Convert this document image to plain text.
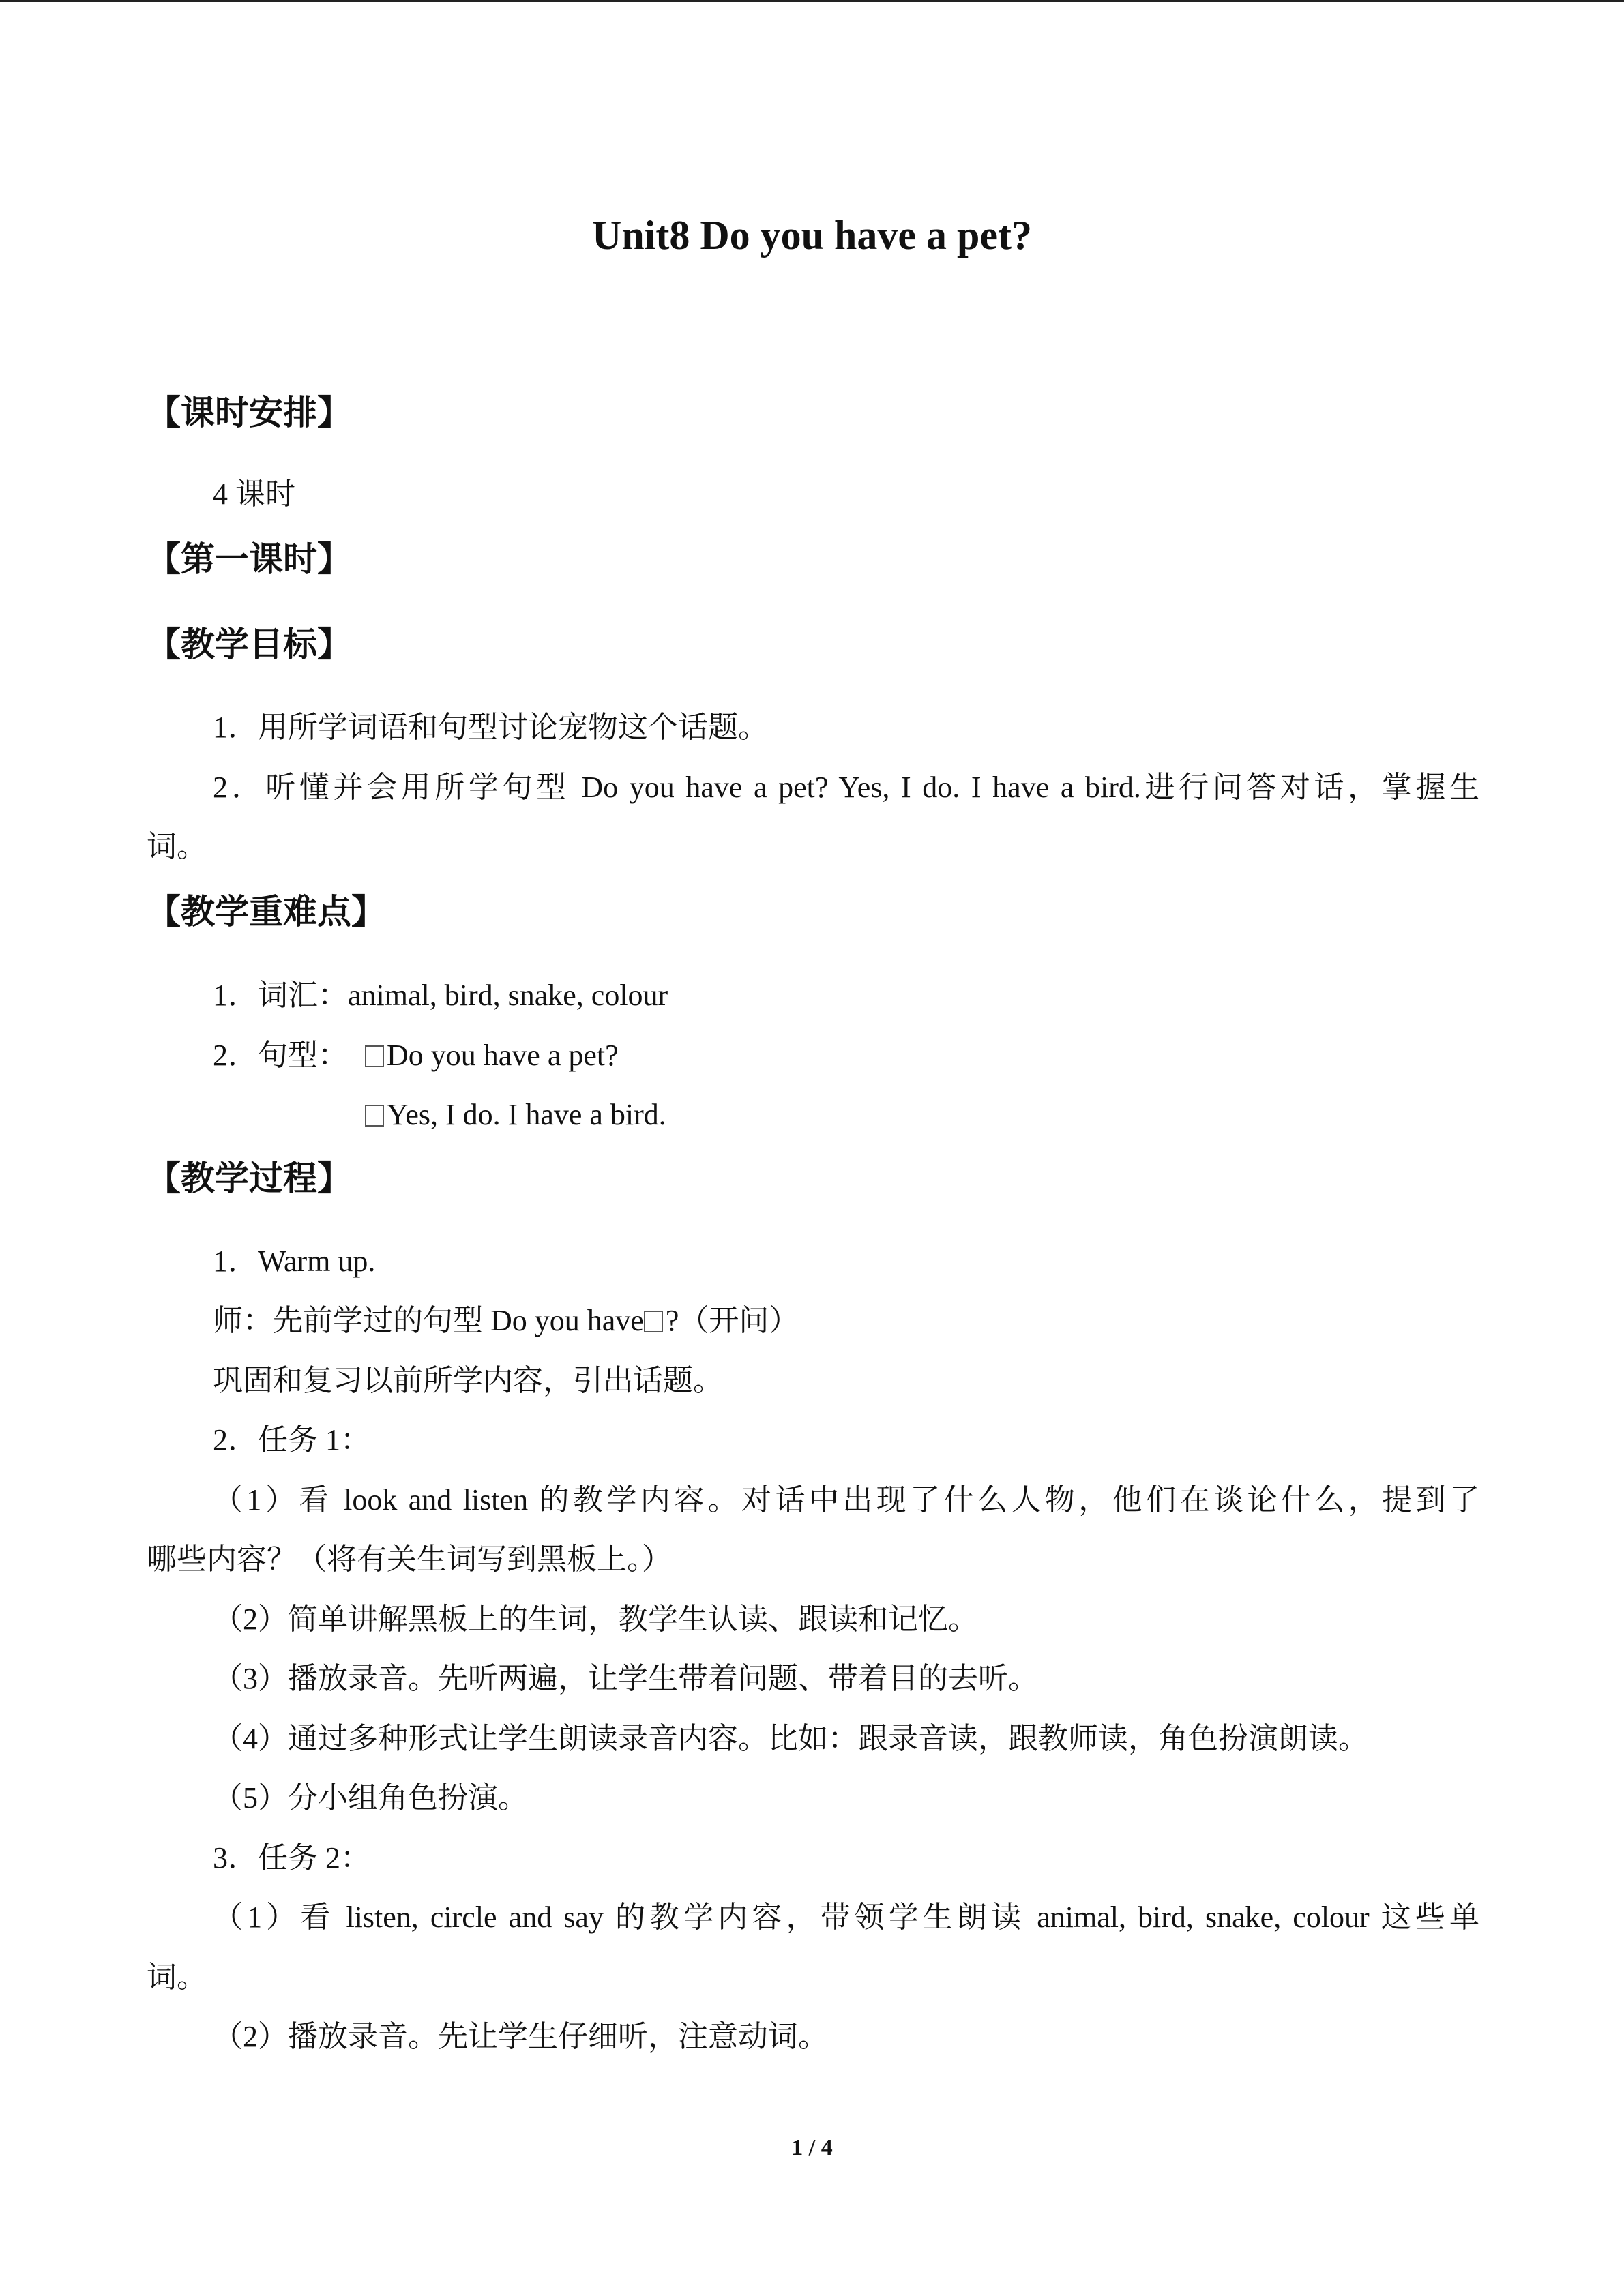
Unit8 Do you have a pet?
【课时安排】
4 课时
【第一课时】
【教学目标】
1．用所学词语和句型讨论宠物这个话题。
2．听懂并会用所学句型 Do you have a pet? Yes, I do. I have a bird.进行问答对话，掌握生
词。
【教学重难点】
1．词汇：animal, bird, snake, colour
2．句型：	Do you have a pet?
Yes, I do. I have a bird.
【教学过程】
1．Warm up.
师：先前学过的句型 Do you have ?（开问）
巩固和复习以前所学内容，引出话题。
2．任务 1：
（1）看 look and listen 的教学内容。对话中出现了什么人物，他们在谈论什么，提到了
哪些内容？（将有关生词写到黑板上。）
（2）简单讲解黑板上的生词，教学生认读、跟读和记忆。
（3）播放录音。先听两遍，让学生带着问题、带着目的去听。
（4）通过多种形式让学生朗读录音内容。比如：跟录音读，跟教师读，角色扮演朗读。
（5）分小组角色扮演。
3．任务 2：
（1）看 listen, circle and say 的教学内容，带领学生朗读 animal, bird, snake, colour 这些单
词。
（2）播放录音。先让学生仔细听，注意动词。
1 / 4
